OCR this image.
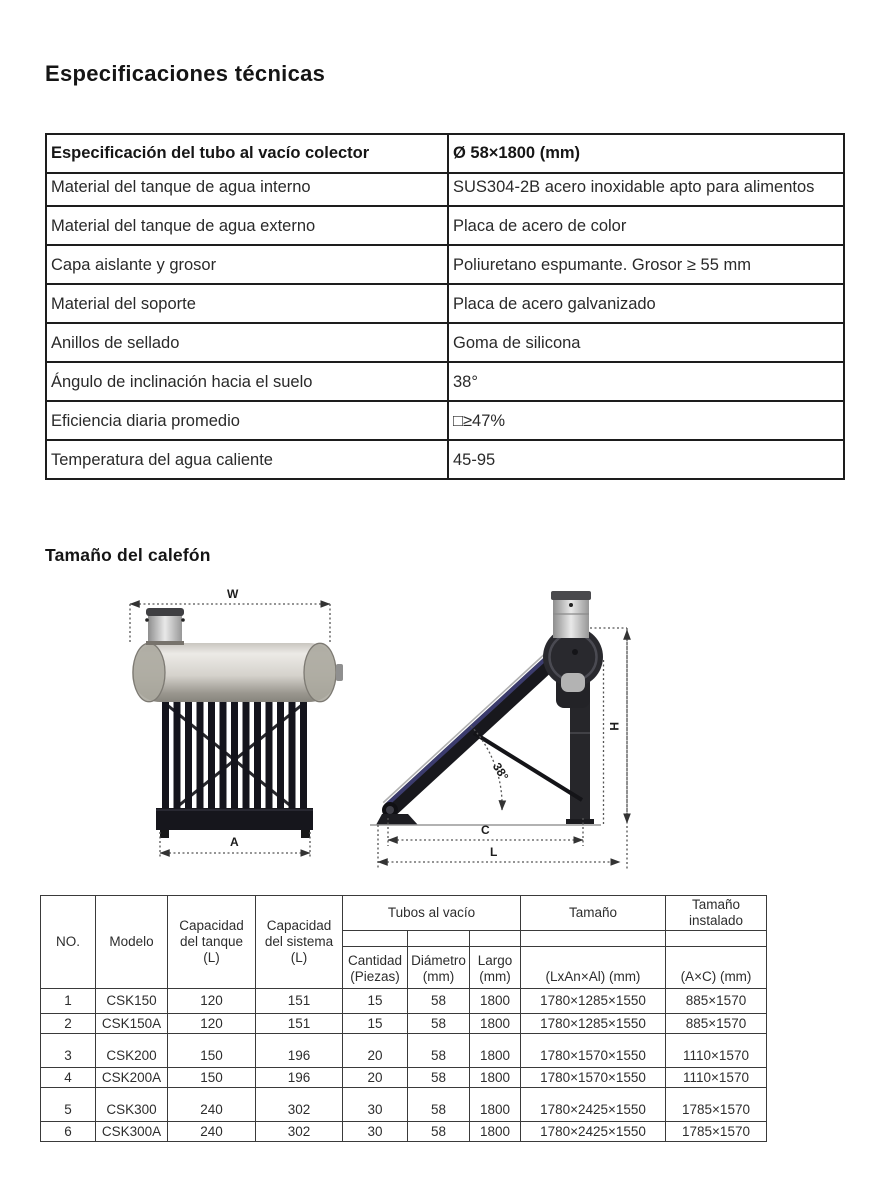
Especificaciones técnicas
Especificación del tubo al vacío colector	Ø 58×1800 (mm)
Material del tanque de agua interno	SUS304-2B acero inoxidable apto para alimentos
Material del tanque de agua externo	Placa de acero de color
Capa aislante y grosor	Poliuretano espumante. Grosor ≥ 55 mm
Material del soporte	Placa de acero galvanizado
Anillos de sellado	Goma de silicona
Ángulo de inclinación hacia el suelo	38°
Eficiencia diaria promedio	□≥47%
Temperatura del agua caliente	45-95
Tamaño del calefón
W
A
38°
H
C
L
NO.	Modelo	Capacidad del tanque (L)	Capacidad del sistema (L)	Tubos al vacío			Tamaño	Tamaño instalado

				Cantidad (Piezas)	Diámetro (mm)	Largo (mm)	(LxAn×Al) (mm)	(A×C) (mm)
1	CSK150	120	151	15	58	1800	1780×1285×1550	885×1570
2	CSK150A	120	151	15	58	1800	1780×1285×1550	885×1570
3	CSK200	150	196	20	58	1800	1780×1570×1550	1110×1570
4	CSK200A	150	196	20	58	1800	1780×1570×1550	1110×1570
5	CSK300	240	302	30	58	1800	1780×2425×1550	1785×1570
6	CSK300A	240	302	30	58	1800	1780×2425×1550	1785×1570
